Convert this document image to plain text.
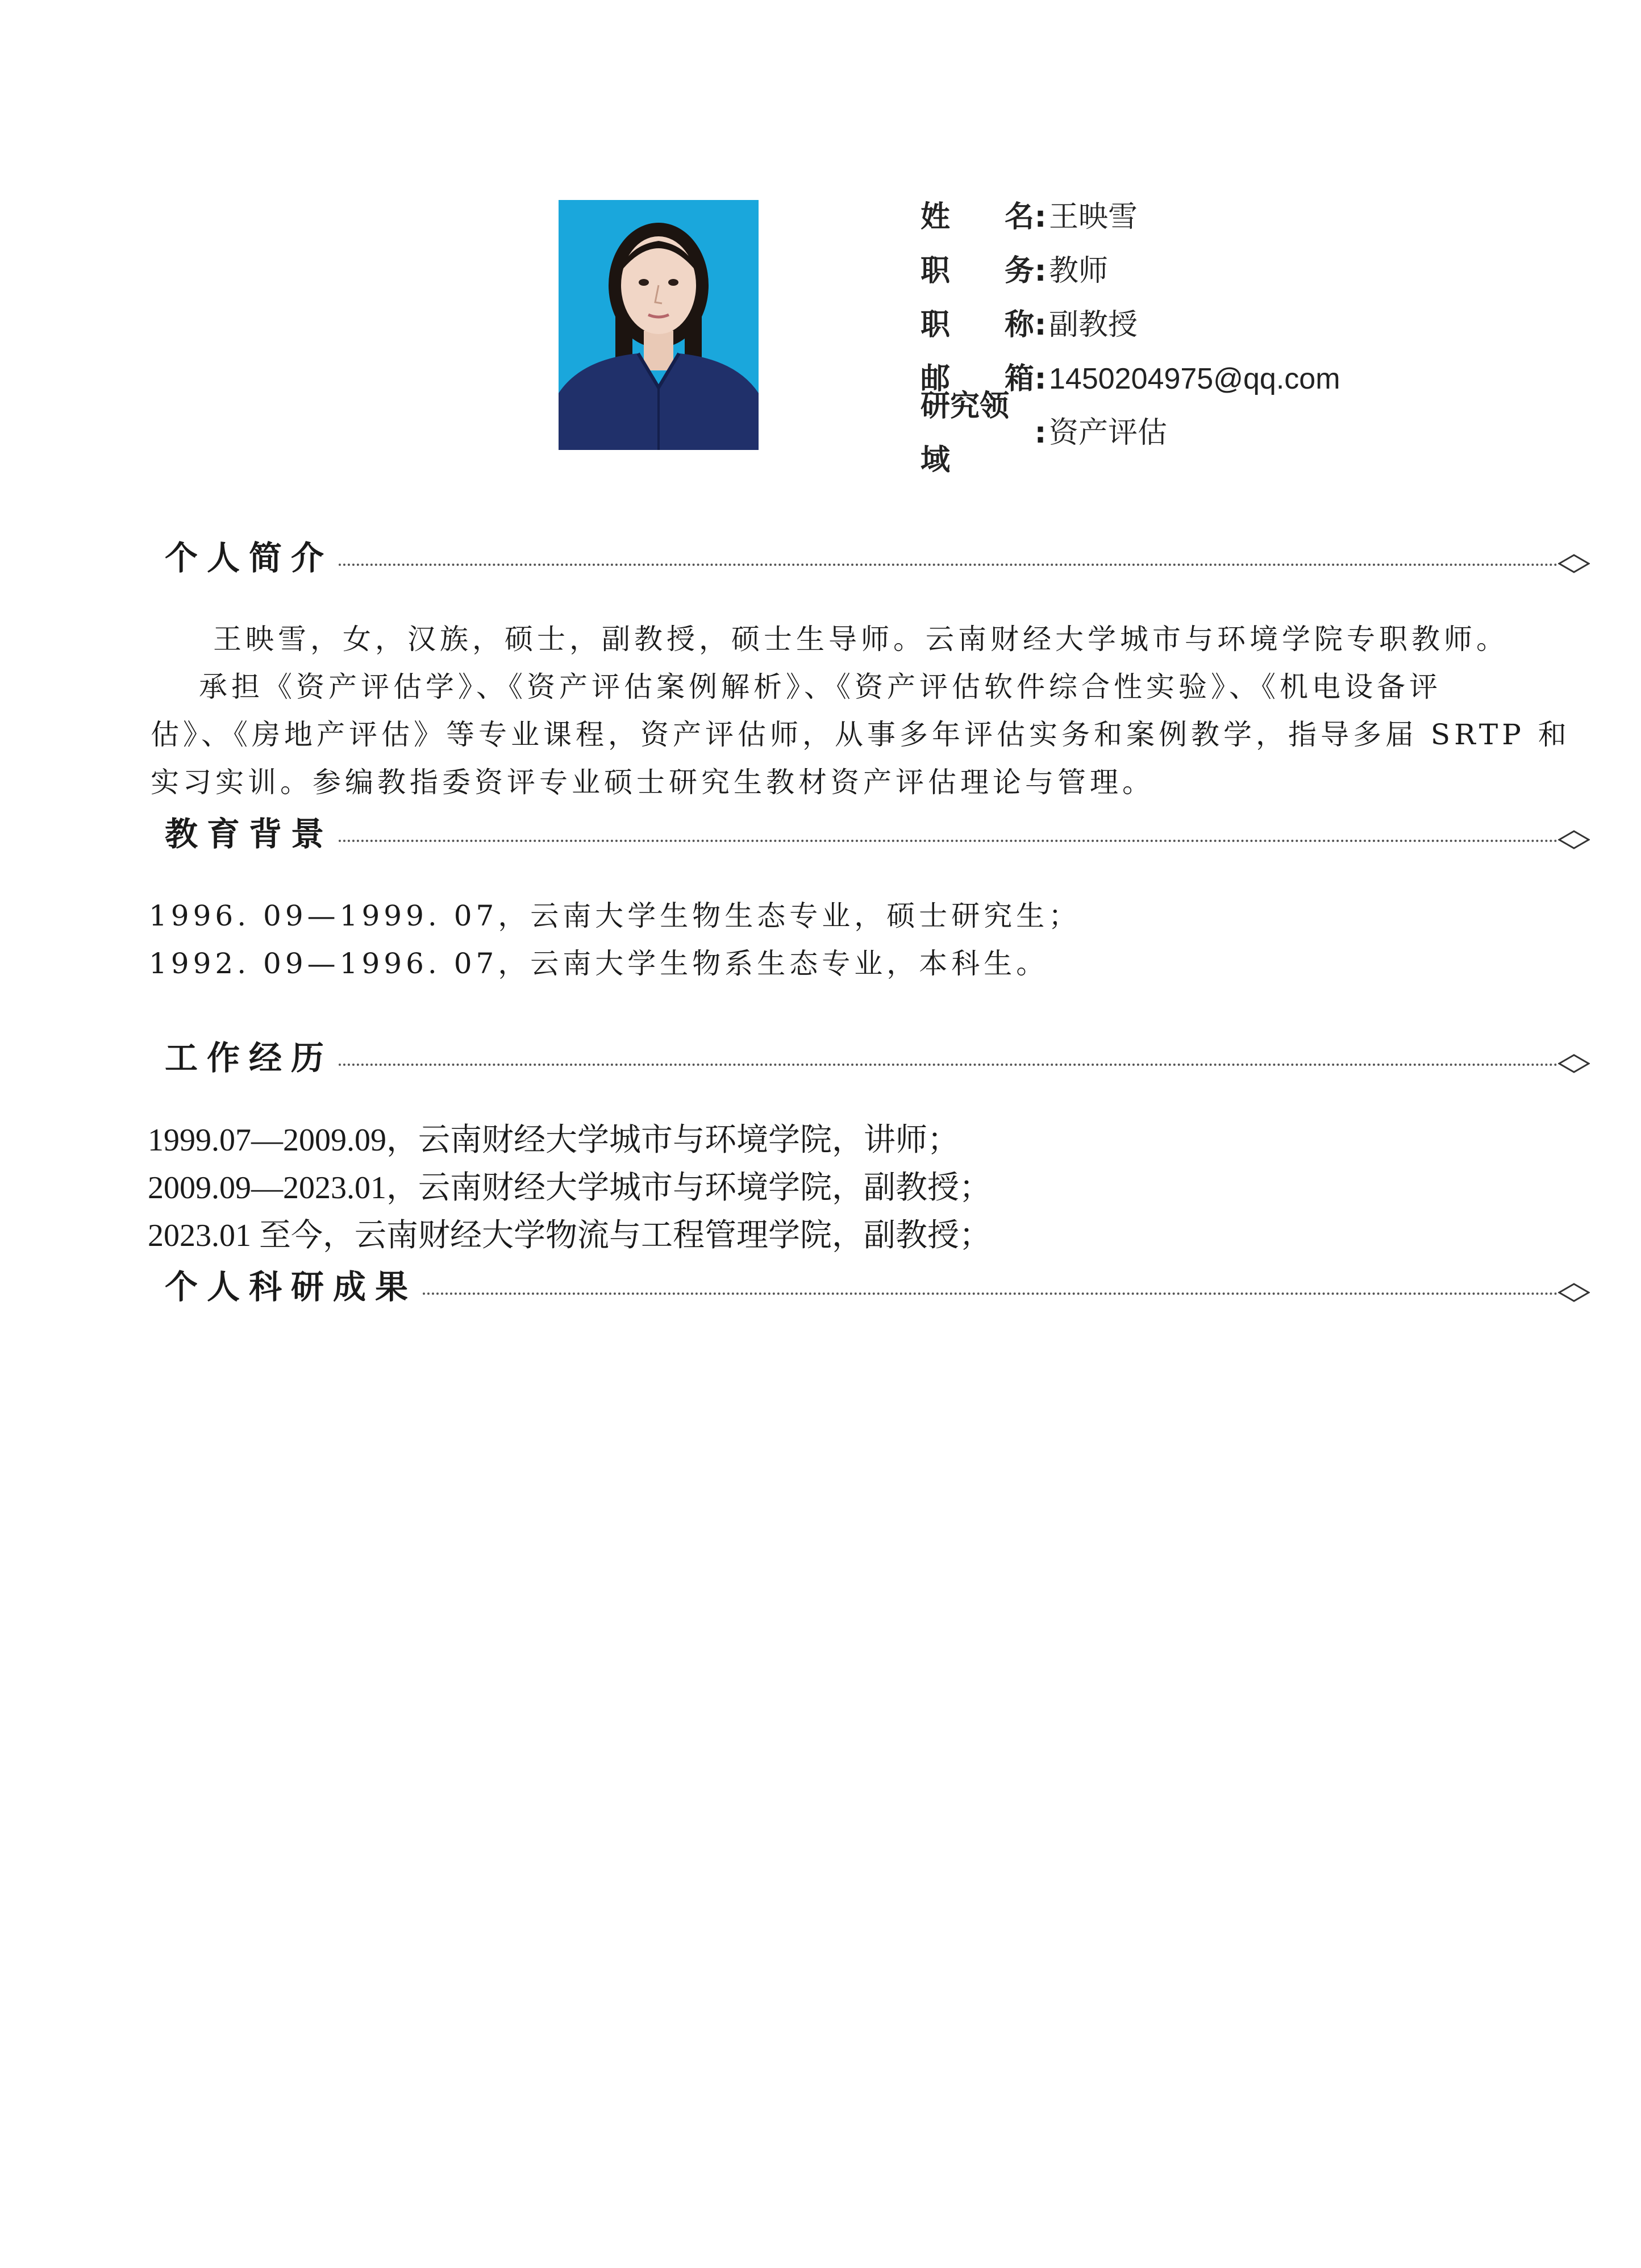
姓 名 : 王映雪
职 务 : 教师
职 称 : 副教授
邮 箱 : 1450204975@qq.com
研究领域
: 资产评估
个人简介
王映雪，女，汉族，硕士，副教授，硕士生导师。云南财经大学城市与环境学院专职教师。
承担《资产评估学》、《资产评估案例解析》、《资产评估软件综合性实验》、《机电设备评
估》、《房地产评估》等专业课程，资产评估师，从事多年评估实务和案例教学，指导多届 SRTP 和
实习实训。参编教指委资评专业硕士研究生教材资产评估理论与管理。
教育背景
1996. 09—1999. 07，云南大学生物生态专业，硕士研究生；
1992. 09—1996. 07，云南大学生物系生态专业，本科生。
工作经历
1999.07—2009.09，云南财经大学城市与环境学院，讲师；
2009.09—2023.01，云南财经大学城市与环境学院，副教授；
2023.01 至今，云南财经大学物流与工程管理学院，副教授；
个人科研成果
